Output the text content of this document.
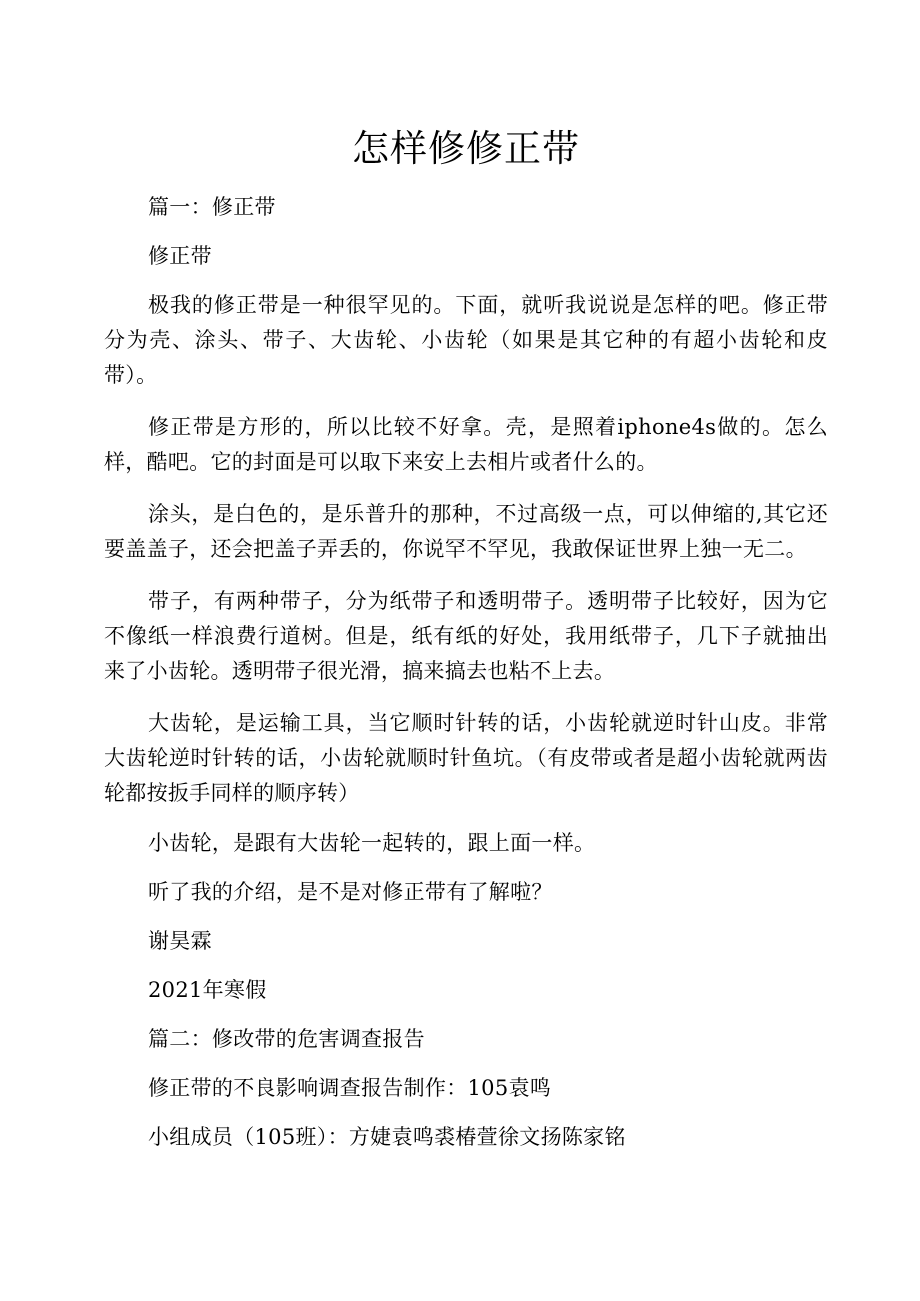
怎样修修正带

篇一：修正带

修正带

极我的修正带是一种很罕见的。下面，就听我说说是怎样的吧。修正带分为壳、涂头、带子、大齿轮、小齿轮（如果是其它种的有超小齿轮和皮带）。

修正带是方形的，所以比较不好拿。壳，是照着iphone4s做的。怎么样，酷吧。它的封面是可以取下来安上去相片或者什么的。

涂头，是白色的，是乐普升的那种，不过高级一点，可以伸缩的,其它还要盖盖子，还会把盖子弄丢的，你说罕不罕见，我敢保证世界上独一无二。

带子，有两种带子，分为纸带子和透明带子。透明带子比较好，因为它不像纸一样浪费行道树。但是，纸有纸的好处，我用纸带子，几下子就抽出来了小齿轮。透明带子很光滑，搞来搞去也粘不上去。

大齿轮，是运输工具，当它顺时针转的话，小齿轮就逆时针山皮。非常大齿轮逆时针转的话，小齿轮就顺时针鱼坑。（有皮带或者是超小齿轮就两齿轮都按扳手同样的顺序转）

小齿轮，是跟有大齿轮一起转的，跟上面一样。

听了我的介绍，是不是对修正带有了解啦？

谢昊霖

2021年寒假

篇二：修改带的危害调查报告

修正带的不良影响调查报告制作：105袁鸣

小组成员（105班）：方婕袁鸣裘椿萱徐文扬陈家铭
